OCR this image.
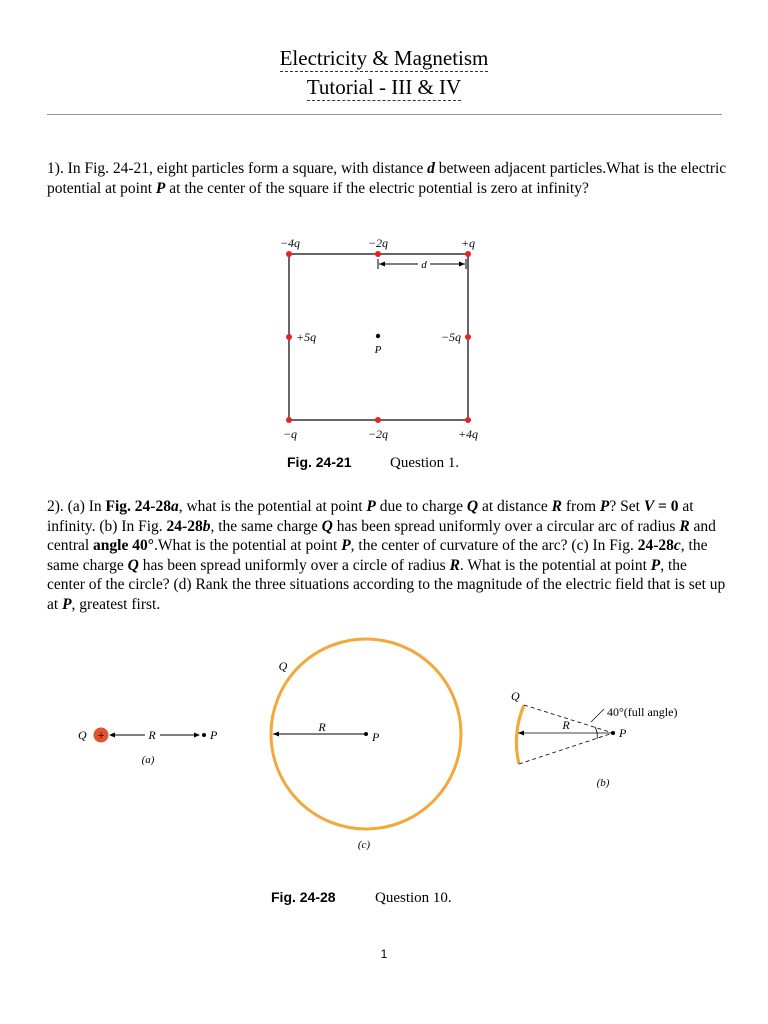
Electricity & Magnetism
Tutorial - III & IV
1). In Fig. 24-21, eight particles form a square, with distance d between adjacent particles.What is the electric potential at point P at the center of the square if the electric potential is zero at infinity?
−4q	−2q	+q
+5q	−5q
−q	−2q	+4q
P
d
Fig. 24-21	Question 1.
Q +	R	P
(a)
Q
R
P
(c)
Q
R
P
40°(full angle)
(b)
Fig. 24-28	Question 10.
2). (a) In Fig. 24-28a, what is the potential at point P due to charge Q at distance R from P? Set V = 0 at infinity. (b) In Fig. 24-28b, the same charge Q has been spread uniformly over a circular arc of radius R and central angle 40°.What is the potential at point P, the center of curvature of the arc? (c) In Fig. 24-28c, the same charge Q has been spread uniformly over a circle of radius R. What is the potential at point P, the center of the circle? (d) Rank the three situations according to the magnitude of the electric field that is set up at P, greatest first.
1
